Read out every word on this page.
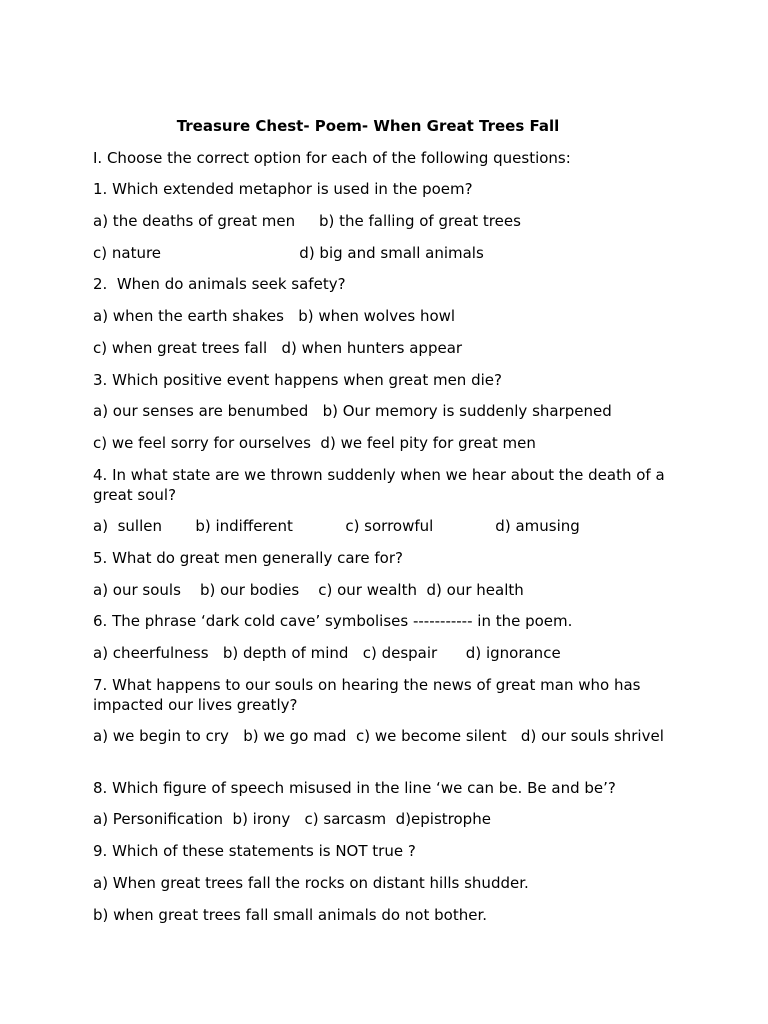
Treasure Chest- Poem- When Great Trees Fall
I. Choose the correct option for each of the following questions:
1. Which extended metaphor is used in the poem?
a) the deaths of great men     b) the falling of great trees
c) nature                             d) big and small animals
2.  When do animals seek safety?
a) when the earth shakes   b) when wolves howl
c) when great trees fall   d) when hunters appear
3. Which positive event happens when great men die?
a) our senses are benumbed   b) Our memory is suddenly sharpened
c) we feel sorry for ourselves  d) we feel pity for great men
4. In what state are we thrown suddenly when we hear about the death of a great soul?
a)  sullen       b) indifferent           c) sorrowful             d) amusing
5. What do great men generally care for?
a) our souls    b) our bodies    c) our wealth  d) our health
6. The phrase ‘dark cold cave’ symbolises ----------- in the poem.
a) cheerfulness   b) depth of mind   c) despair      d) ignorance
7. What happens to our souls on hearing the news of great man who has impacted our lives greatly?
a) we begin to cry   b) we go mad  c) we become silent   d) our souls shrivel
8. Which figure of speech misused in the line ‘we can be. Be and be’?
a) Personification  b) irony   c) sarcasm  d)epistrophe
9. Which of these statements is NOT true ?
a) When great trees fall the rocks on distant hills shudder.
b) when great trees fall small animals do not bother.
